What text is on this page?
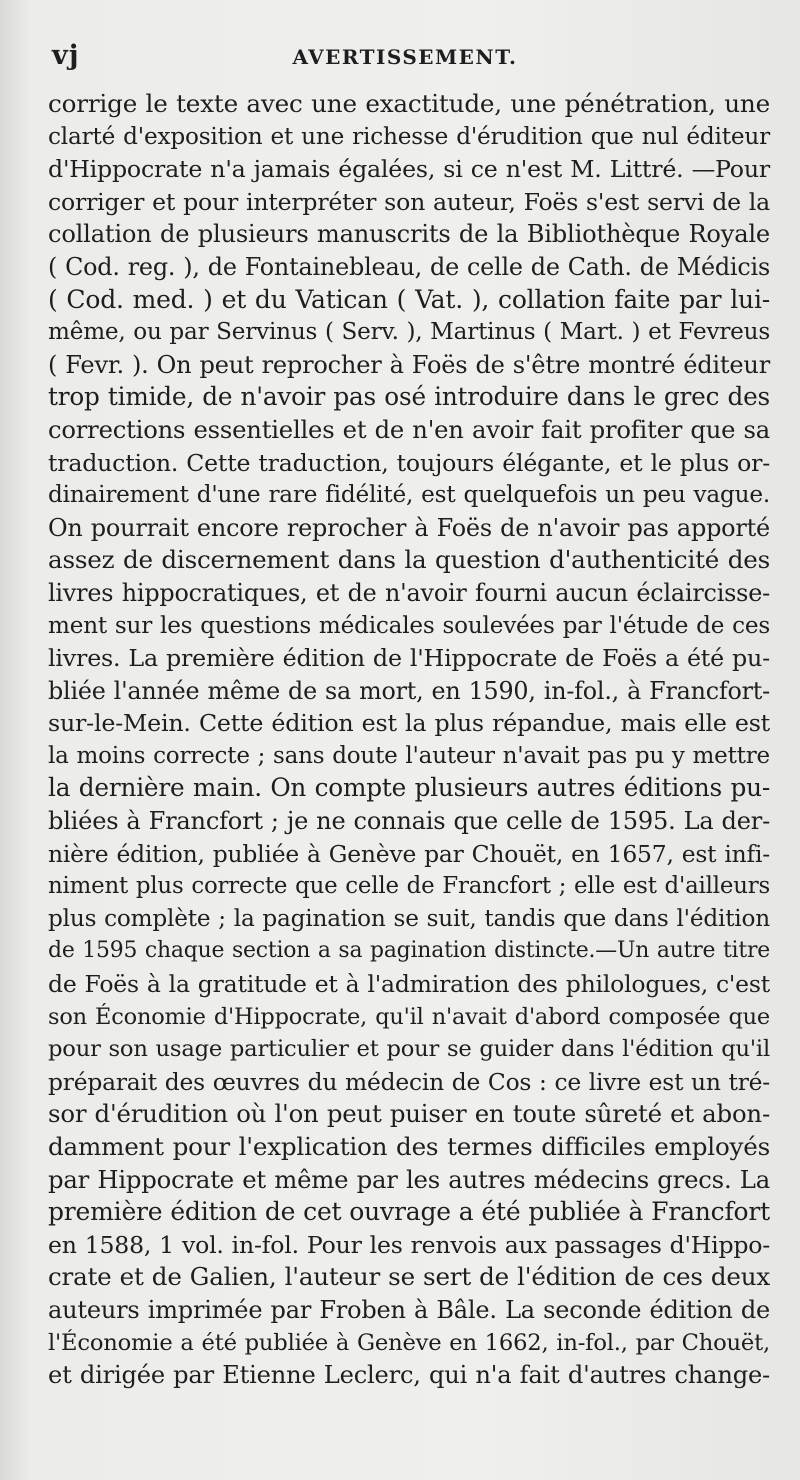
vj	AVERTISSEMENT.
corrige le texte avec une exactitude, une pénétration, une
clarté d'exposition et une richesse d'érudition que nul éditeur
d'Hippocrate n'a jamais égalées, si ce n'est M. Littré. —Pour
corriger et pour interpréter son auteur, Foës s'est servi de la
collation de plusieurs manuscrits de la Bibliothèque Royale
( Cod. reg. ), de Fontainebleau, de celle de Cath. de Médicis
( Cod. med. ) et du Vatican ( Vat. ), collation faite par lui-
même, ou par Servinus ( Serv. ), Martinus ( Mart. ) et Fevreus
( Fevr. ). On peut reprocher à Foës de s'être montré éditeur
trop timide, de n'avoir pas osé introduire dans le grec des
corrections essentielles et de n'en avoir fait profiter que sa
traduction. Cette traduction, toujours élégante, et le plus or-
dinairement d'une rare fidélité, est quelquefois un peu vague.
On pourrait encore reprocher à Foës de n'avoir pas apporté
assez de discernement dans la question d'authenticité des
livres hippocratiques, et de n'avoir fourni aucun éclaircisse-
ment sur les questions médicales soulevées par l'étude de ces
livres. La première édition de l'Hippocrate de Foës a été pu-
bliée l'année même de sa mort, en 1590, in-fol., à Francfort-
sur-le-Mein. Cette édition est la plus répandue, mais elle est
la moins correcte ; sans doute l'auteur n'avait pas pu y mettre
la dernière main. On compte plusieurs autres éditions pu-
bliées à Francfort ; je ne connais que celle de 1595. La der-
nière édition, publiée à Genève par Chouët, en 1657, est infi-
niment plus correcte que celle de Francfort ; elle est d'ailleurs
plus complète ; la pagination se suit, tandis que dans l'édition
de 1595 chaque section a sa pagination distincte.—Un autre titre
de Foës à la gratitude et à l'admiration des philologues, c'est
son Économie d'Hippocrate, qu'il n'avait d'abord composée que
pour son usage particulier et pour se guider dans l'édition qu'il
préparait des œuvres du médecin de Cos : ce livre est un tré-
sor d'érudition où l'on peut puiser en toute sûreté et abon-
damment pour l'explication des termes difficiles employés
par Hippocrate et même par les autres médecins grecs. La
première édition de cet ouvrage a été publiée à Francfort
en 1588, 1 vol. in-fol. Pour les renvois aux passages d'Hippo-
crate et de Galien, l'auteur se sert de l'édition de ces deux
auteurs imprimée par Froben à Bâle. La seconde édition de
l'Économie a été publiée à Genève en 1662, in-fol., par Chouët,
et dirigée par Etienne Leclerc, qui n'a fait d'autres change-
